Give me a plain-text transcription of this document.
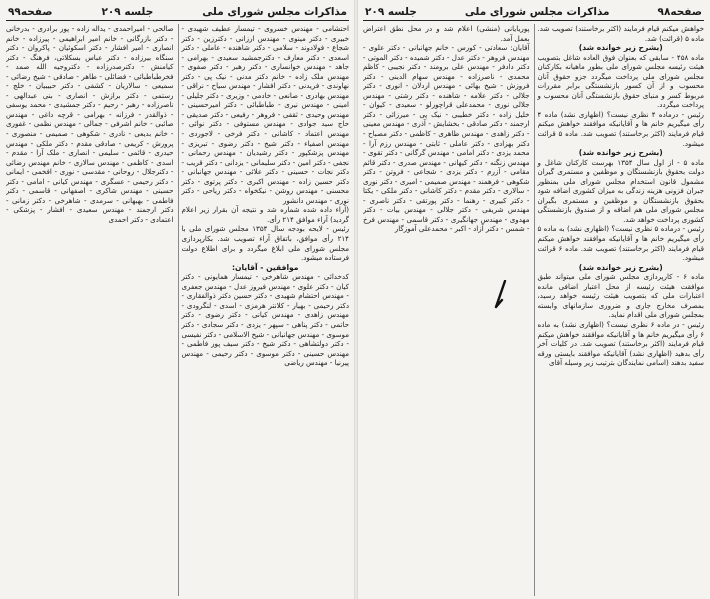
مذاکرات مجلس شورای ملی
جلسه ۲۰۹
صفحه۹۹

احتشامی - مهندس خسروی - تیمسار عطیف شهیدی - خبیری - دکتر مینوی - مهندس ارزانی - دکترزین - دکتر شجاع - فولادوند - سلامی - دکتر شاهنده - عاملی - دکتر اسعدی - دکتر معارف - دکترجمشید سعیدی - بهرامی - جاهد - مهندس خوانساری - دکتر رهبر - دکتر صفوی - مهندس ملک زاده - خانم دکتر مدنی - نیک پی - دکتر نهاوندی - فریدنی - دکتر افشار - مهندس سیاح - نراقی - مهندس بهادری - صانعی - خادمی - وزیری - دکتر جلیلی - امینی - مهندس نیری - طباطبائی - دکتر امیرحسینی - مهندس وحیدی - ثقفی - فروهر - رفیعی - دکتر صدیقی - حاج سید جوادی - مهندس مستوفی - دکتر نوائی - مهندس اعتماد - کاشانی - دکتر فرخی - لاجوردی - مهندس اصفیاء - دکتر شیخ - دکتر رضوی - تبریزی - مهندس پزشکپور - دکتر رشیدیان - مهندس رحمانی - نجفی - دکتر امین - دکتر سلیمانی - یزدانی - دکتر قریب - دکتر نجات - حسینی - دکتر علائی - مهندس جهانبانی - دکتر حسین زاده - مهندس اکبری - دکتر پرتوی - دکتر محسنی - مهندس روشن - نیکخواه - دکتر ریاحی - دکتر نوری - مهندس دانشور

(آراء داده شده شماره شد و نتیجه آن بقرار زیر اعلام گردید) آراء موافق ۲۱۴ رأی.

رئیس - لایحه بودجه سال ۱۳۵۴ مجلس شورای ملی با ۲۱۴ رأی موافق، باتفاق آراء تصویب شد. بکارپردازی مجلس شورای ملی ابلاغ میگردد و برای اطلاع دولت فرستاده میشود.

موافقین - آقایان:

کدخدائی - مهندس شاهرخی - تیمسار همایونی - دکتر کیان - دکتر علوی - مهندس فیروز عدل - مهندس جعفری - مهندس احتشام شهیدی - دکتر حسین دکتر ذوالفقاری - دکتر رحیمی - بهیار - کلانتر هرمزی - اسدی - لنگرودی - مهندس زاهدی - مهندس کیانی - دکتر رضوی - دکتر حاتمی - دکتر پناهی - سپهر - یزدی - دکتر سجادی - دکتر موسوی - مهندس جهانبانی - شیخ الاسلامی - دکتر نفیسی - دکتر دولتشاهی - دکتر شیخ - دکتر سیف پور فاطمی - مهندس حسینی - دکتر موسوی - دکتر رحیمی - مهندس پیرنیا - مهندس ریاضی

صالحی - امیراحمدی - یداله زاده - پور برادری - بدرخانی - دکتر بازرگانی - خانم امیر ابراهیمی - پیرزاده - خانم انصاری - امیر افشار - دکتر اسکوئیان - پاکروان - دکتر سنگاه بیرزاده - دکتر عباس بسکلاتی، فرهنگ - دکتر کیامنش - دکترصدرزاده - دکتروجیه الله صمد - فخرطباطبائی - فضائلی - طاهر - صادقی - شیخ رضائی - سمیعی - سالاریان - کشفی - دکتر حبیبیان - خلج - رستمی - دکتر برازش - انصاری - بنی عبدالهی - ناصرزاده - رهبر - رحیم - دکتر جمشیدی - محمد یوسفی - ذوالقدر - فرزانه - بهرامی - قرچه داغی - مهندس صائبی - خانم اشرفی - جمالی - مهندس نظمی - غفوری - خانم بدیعی - نادری - شکوهی - صمیمی - منصوری - پرورش - کریمی - صادقی مقدم - دکتر ملکی - مهندس حیدری - قائمی - سلیمی - انصاری - ملک آرا - مقدم - اسدی - کاظمی - مهندس سالاری - خانم مهندس رضائی - دکترجلال - روحانی - مقدسی - نوری - افخمی - ایمانی - دکتر رحیمی - عسگری - مهندس کیانی - امامی - دکتر حسینی - مهندس شاکری - اصفهانی - قاسمی - دکتر فاطمی - بهبهانی - سرمدی - شاهرخی - دکتر زمانی - دکتر ارجمند - مهندس سعیدی - افشار - پزشکی - اعتمادی - دکتر احمدی

صفحه۹۸
مذاکرات مجلس شورای ملی
جلسه ۲۰۹

خواهش میکنم قیام فرمایند (اکثر برخاستند) تصویب شد. ماده ۵ (قرائت) شد.

(بشرح زیر خوانده شد)

ماده ۴۵۸ - سابقی که بعنوان فوق العاده شاغل بتصویب هیئت رئیسه مجلس شورای ملی بطور ماهیانه بکارکنان مجلس شورای ملی پرداخت میگردد جزو حقوق آنان محسوب و از آن کسور بازنشستگی برابر مقررات مربوط کسر و منبای حقوق بازنشستگی آنان محسوب و پرداخت میگردد.

رئیس - درماده ۴ نظری نیست؟ (اظهاری نشد) ماده ۴ رأی میگیریم خانم ها و آقایانیکه موافقند خواهش میکنم قیام فرمایند (اکثر برخاستند) تصویب شد. ماده ۵ قرائت میشود.

(بشرح زیر خوانده شد)

ماده ۵ - از اول سال ۱۳۵۴ بهرست کارکنان شاغل و دولت بحقوق بازنشستگان و موظفین و مستمری گیران مشمول قانون استخدام مجلس شورای ملی بمنظور جبران فزونی هزینه زندگی به میزان کشوری اضافه شود بحقوق بازنشستگان و موظفین و مستمری بگیران مجلس شورای ملی هم اضافه و از صندوق بازنشستگی کشوری پرداخت خواهد شد.

رئیس - درماده ۵ نظری نیست؟ (اظهاری نشد) به ماده ۵ رأی میگیریم خانم ها و آقایانیکه موافقند خواهش میکنم قیام فرمایند (اکثر برخاستند) تصویب شد. ماده ۶ قرائت میشود.

(بشرح زیر خوانده شد)

ماده ۶ - کارپردازی مجلس شورای ملی میتواند طبق موافقت هیئت رئیسه از محل اعتبار اضافی مانده اعتبارات ملی که بتصویب هیئت رئیسه خواهد رسید، بمصرف مخارج جاری و ضروری سازمانهای وابسته بمجلس شورای ملی اقدام نماید.

رئیس - در ماده ۶ نظری نیست؟ (اظهاری نشد) به ماده ۶ رأی میگیریم خانم ها و آقایانیکه موافقند خواهش میکنم قیام فرمایند (اکثر برخاستند) تصویب شد. در کلیات آخر رأی بدهید (اظهاری نشد) آقایانیکه موافقند بایستی ورقه سفید بدهند (اسامی نمایندگان بترتیب زیر وسیله آقای

پوریایانی (منشی) اعلام شد و در محل نطق اعتراض بعمل آمد.

آقایان: سعادتی - کورس - خانم جهانبانی - دکتر علوی - مهندس فروهر - دکتر عدل - دکتر شمیده - دکتر الموتی - دکتر دادفر - مهندس علی برومند - دکتر نجیبی - کاظم محمدی - ناصرزاده - مهندس سهام الدینی - دکتر فروزش - شیخ بهائی - مهندس اردلان - انوری - دکتر جلالی - دکتر علامه - شاهنده - دکتر رشتی - مهندس جلالی نوری - محمدعلی قراچورلو - سعیدی - کیوان - خلیل زاده - دکتر خطیبی - نیک پی - میرزائی - دکتر ارجمند - دکتر صادقی - بخشایش - آذری - مهندس معینی - دکتر زاهدی - مهندس طاهری - کاظمی - دکتر مصباح - دکتر بهزادی - دکتر عاملی - ثابتی - مهندس رزم آرا - محمد یزدی - دکتر امامی - مهندس گرگانی - دکتر تقوی - مهندس زنگنه - دکتر کیهانی - مهندس صدری - دکتر قائم مقامی - آزرم - دکتر یزدی - شجاعی - فروتن - دکتر شکوهی - فرهمند - مهندس صمیمی - امیری - دکتر نوری - سالاری - دکتر مقدم - دکتر کاشانی - دکتر ملکی - یکتا - دکتر کبیری - رهنما - دکتر پورتقی - دکتر ناصری - مهندس شریفی - دکتر جلالی - مهندس بیات - دکتر مهدوی - مهندس جهانگیری - دکتر قاسمی - مهندس فرخ - شمس - دکتر آزاد - اکبر - محمدعلی آموزگار
